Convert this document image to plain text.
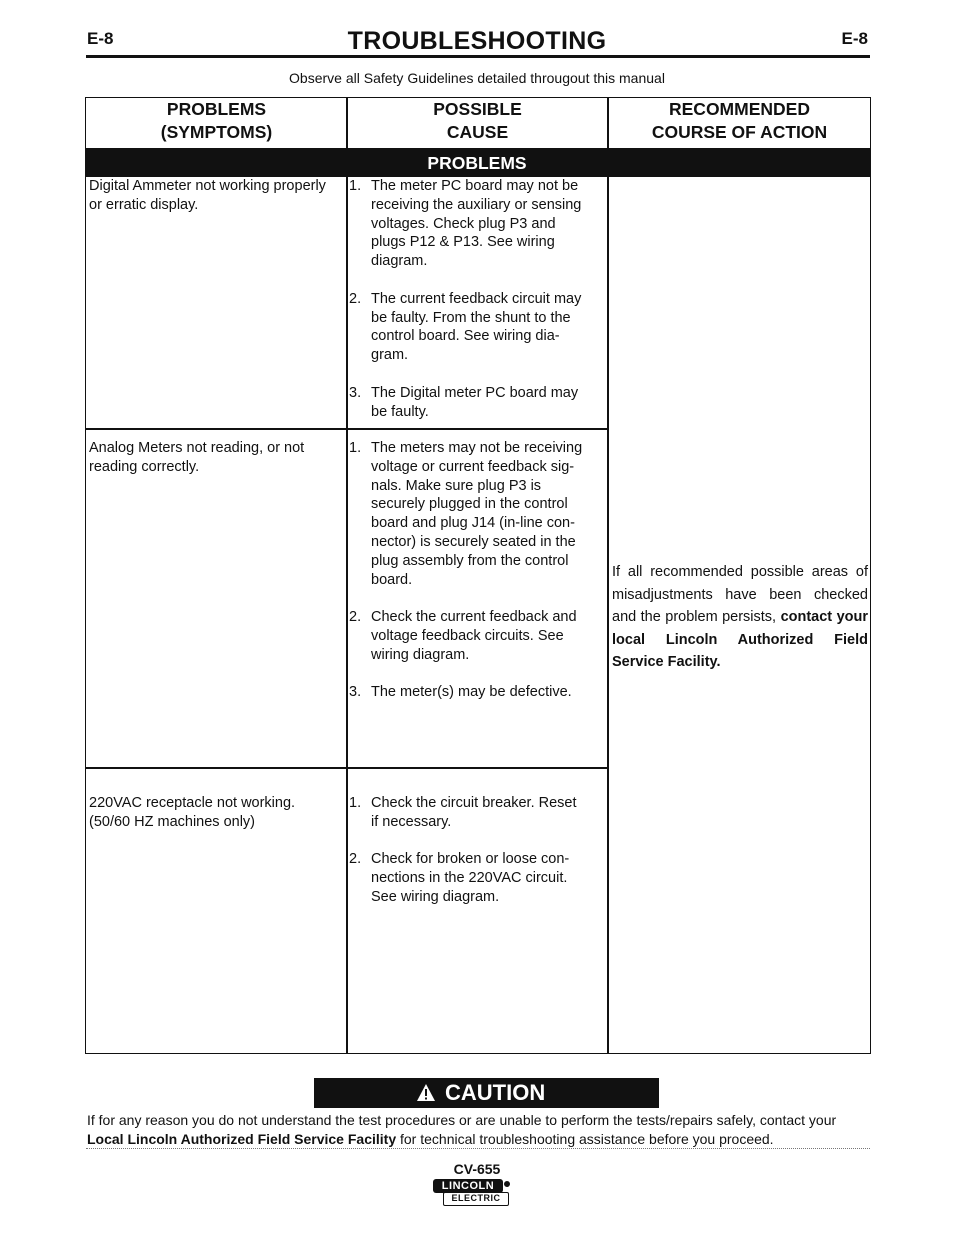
E-8	TROUBLESHOOTING	E-8
Observe all Safety Guidelines detailed througout this manual
PROBLEMS
(SYMPTOMS)
POSSIBLE
CAUSE
RECOMMENDED
COURSE OF ACTION
PROBLEMS
Digital Ammeter not working properly
or erratic display.
1. The meter PC board may not be
receiving the auxiliary or sensing
voltages. Check plug P3 and
plugs P12 & P13. See wiring
diagram.
2. The current feedback circuit may
be faulty. From the shunt to the
control board. See wiring dia-
gram.
3. The Digital meter PC board may
be faulty.
Analog Meters not reading, or not
reading correctly.
1. The meters may not be receiving
voltage or current feedback sig-
nals. Make sure plug P3 is
securely plugged in the control
board and plug J14 (in-line con-
nector) is securely seated in the
plug assembly from the control
board.
2. Check the current feedback and
voltage feedback circuits. See
wiring diagram.
3. The meter(s) may be defective.
220VAC receptacle not working.
(50/60 HZ machines only)
1. Check the circuit breaker. Reset
if necessary.
2. Check for broken or loose con-
nections in the 220VAC circuit.
See wiring diagram.
If all recommended possible areas of misadjustments have been checked and the problem persists, contact your local Lincoln Authorized Field Service Facility.
CAUTION
If for any reason you do not understand the test procedures or are unable to perform the tests/repairs safely, contact your
Local Lincoln Authorized Field Service Facility for technical troubleshooting assistance before you proceed.
CV-655
LINCOLN
ELECTRIC
